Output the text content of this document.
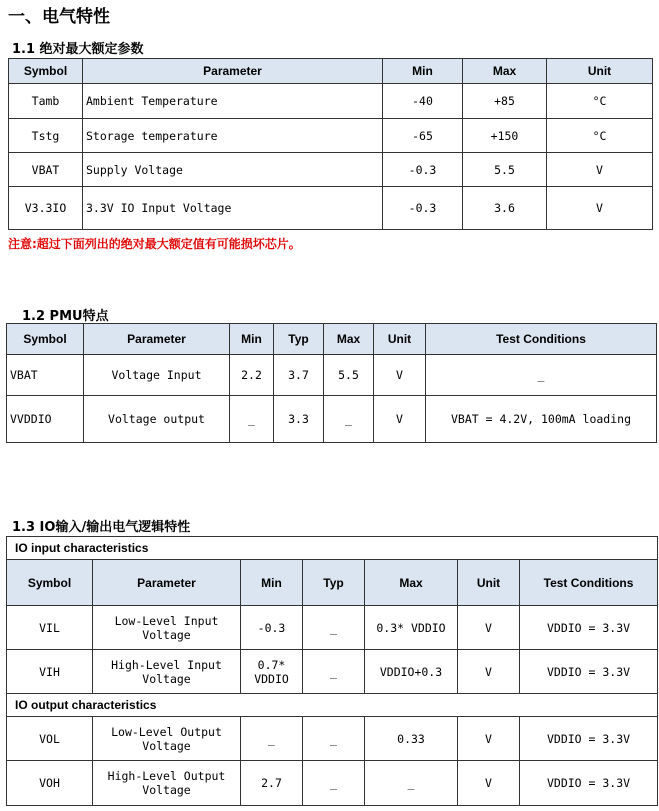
一、电气特性
1.1 绝对最大额定参数
Symbol	Parameter	Min	Max	Unit
Tamb	Ambient Temperature	-40	+85	°C
Tstg	Storage temperature	-65	+150	°C
VBAT	Supply Voltage	-0.3	5.5	V
V3.3IO	3.3V IO Input Voltage	-0.3	3.6	V
注意:超过下面列出的绝对最大额定值有可能损坏芯片。
1.2 PMU特点
Symbol	Parameter	Min	Typ	Max	Unit	Test Conditions
VBAT	Voltage Input	2.2	3.7	5.5	V	_
VVDDIO	Voltage output	_	3.3	_	V	VBAT = 4.2V, 100mA loading
1.3 IO输入/输出电气逻辑特性
IO input characteristics						
Symbol	Parameter	Min	Typ	Max	Unit	Test Conditions
VIL	Low-Level Input Voltage	-0.3	_	0.3* VDDIO	V	VDDIO = 3.3V
VIH	High-Level Input Voltage	0.7* VDDIO	_	VDDIO+0.3	V	VDDIO = 3.3V
IO output characteristics						
VOL	Low-Level Output Voltage	_	_	0.33	V	VDDIO = 3.3V
VOH	High-Level Output Voltage	2.7	_	_	V	VDDIO = 3.3V
